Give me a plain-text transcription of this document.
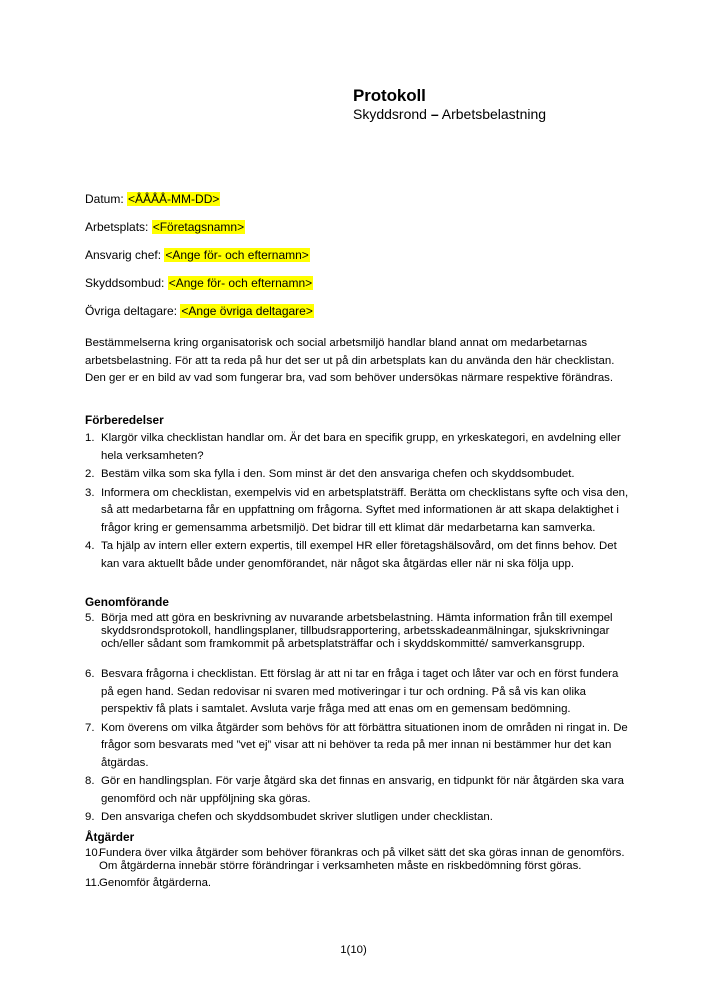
Protokoll
Skyddsrond – Arbetsbelastning
Datum: <ÅÅÅÅ-MM-DD>
Arbetsplats: <Företagsnamn>
Ansvarig chef: <Ange för- och efternamn>
Skyddsombud: <Ange för- och efternamn>
Övriga deltagare: <Ange övriga deltagare>

Bestämmelserna kring organisatorisk och social arbetsmiljö handlar bland annat om medarbetarnas arbetsbelastning. För att ta reda på hur det ser ut på din arbetsplats kan du använda den här checklistan. Den ger er en bild av vad som fungerar bra, vad som behöver undersökas närmare respektive förändras.

Förberedelser
1. Klargör vilka checklistan handlar om. Är det bara en specifik grupp, en yrkeskategori, en avdelning eller hela verksamheten?
2. Bestäm vilka som ska fylla i den. Som minst är det den ansvariga chefen och skyddsombudet.
3. Informera om checklistan, exempelvis vid en arbetsplatsträff. Berätta om checklistans syfte och visa den, så att medarbetarna får en uppfattning om frågorna. Syftet med informationen är att skapa delaktighet i frågor kring er gemensamma arbetsmiljö. Det bidrar till ett klimat där medarbetarna kan samverka.
4. Ta hjälp av intern eller extern expertis, till exempel HR eller företagshälsovård, om det finns behov. Det kan vara aktuellt både under genomförandet, när något ska åtgärdas eller när ni ska följa upp.
Genomförande
5. Börja med att göra en beskrivning av nuvarande arbetsbelastning. Hämta information från till exempel skyddsrondsprotokoll, handlingsplaner, tillbudsrapportering, arbetsskadeanmälningar, sjukskrivningar och/eller sådant som framkommit på arbetsplatsträffar och i skyddskommitté/ samverkansgrupp.
6. Besvara frågorna i checklistan. Ett förslag är att ni tar en fråga i taget och låter var och en först fundera på egen hand. Sedan redovisar ni svaren med motiveringar i tur och ordning. På så vis kan olika perspektiv få plats i samtalet. Avsluta varje fråga med att enas om en gemensam bedömning.
7. Kom överens om vilka åtgärder som behövs för att förbättra situationen inom de områden ni ringat in. De frågor som besvarats med ”vet ej” visar att ni behöver ta reda på mer innan ni bestämmer hur det kan åtgärdas.
8. Gör en handlingsplan. För varje åtgärd ska det finnas en ansvarig, en tidpunkt för när åtgärden ska vara genomförd och när uppföljning ska göras.
9. Den ansvariga chefen och skyddsombudet skriver slutligen under checklistan.
Åtgärder
10.
Fundera över vilka åtgärder som behöver förankras och på vilket sätt det ska göras innan de genomförs. Om åtgärderna innebär större förändringar i verksamheten måste en riskbedömning först göras.
11. Genomför åtgärderna.
1(10)
